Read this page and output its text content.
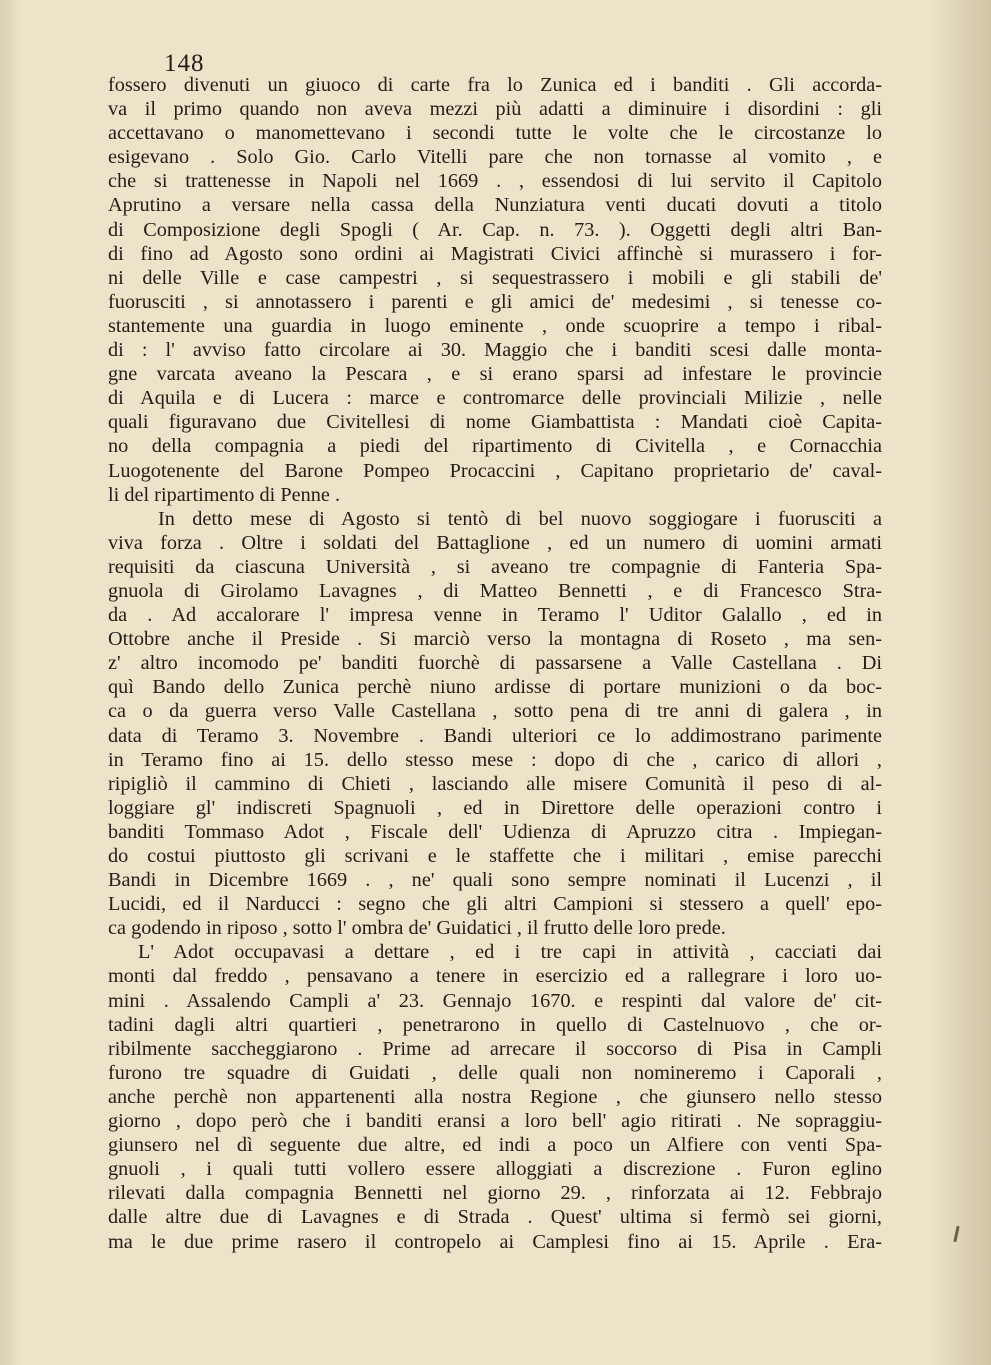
148
fossero divenuti un giuoco di carte fra lo Zunica ed i banditi . Gli accorda-
va il primo quando non aveva mezzi più adatti a diminuire i disordini : gli
accettavano o manomettevano i secondi tutte le volte che le circostanze lo
esigevano . Solo Gio. Carlo Vitelli pare che non tornasse al vomito , e
che si trattenesse in Napoli nel 1669 . , essendosi di lui servito il Capitolo
Aprutino a versare nella cassa della Nunziatura venti ducati dovuti a titolo
di Composizione degli Spogli ( Ar. Cap. n. 73. ). Oggetti degli altri Ban-
di fino ad Agosto sono ordini ai Magistrati Civici affinchè si murassero i for-
ni delle Ville e case campestri , si sequestrassero i mobili e gli stabili de'
fuorusciti , si annotassero i parenti e gli amici de' medesimi , si tenesse co-
stantemente una guardia in luogo eminente , onde scuoprire a tempo i ribal-
di : l' avviso fatto circolare ai 30. Maggio che i banditi scesi dalle monta-
gne varcata aveano la Pescara , e si erano sparsi ad infestare le provincie
di Aquila e di Lucera : marce e contromarce delle provinciali Milizie , nelle
quali figuravano due Civitellesi di nome Giambattista : Mandati cioè Capita-
no della compagnia a piedi del ripartimento di Civitella , e Cornacchia
Luogotenente del Barone Pompeo Procaccini , Capitano proprietario de' caval-
li del ripartimento di Penne .
In detto mese di Agosto si tentò di bel nuovo soggiogare i fuorusciti a
viva forza . Oltre i soldati del Battaglione , ed un numero di uomini armati
requisiti da ciascuna Università , si aveano tre compagnie di Fanteria Spa-
gnuola di Girolamo Lavagnes , di Matteo Bennetti , e di Francesco Stra-
da . Ad accalorare l' impresa venne in Teramo l' Uditor Galallo , ed in
Ottobre anche il Preside . Si marciò verso la montagna di Roseto , ma sen-
z' altro incomodo pe' banditi fuorchè di passarsene a Valle Castellana . Di
quì Bando dello Zunica perchè niuno ardisse di portare munizioni o da boc-
ca o da guerra verso Valle Castellana , sotto pena di tre anni di galera , in
data di Teramo 3. Novembre . Bandi ulteriori ce lo addimostrano parimente
in Teramo fino ai 15. dello stesso mese : dopo di che , carico di allori ,
ripigliò il cammino di Chieti , lasciando alle misere Comunità il peso di al-
loggiare gl' indiscreti Spagnuoli , ed in Direttore delle operazioni contro i
banditi Tommaso Adot , Fiscale dell' Udienza di Apruzzo citra . Impiegan-
do costui piuttosto gli scrivani e le staffette che i militari , emise parecchi
Bandi in Dicembre 1669 . , ne' quali sono sempre nominati il Lucenzi , il
Lucidi, ed il Narducci : segno che gli altri Campioni si stessero a quell' epo-
ca godendo in riposo , sotto l' ombra de' Guidatici , il frutto delle loro prede.
L' Adot occupavasi a dettare , ed i tre capi in attività , cacciati dai
monti dal freddo , pensavano a tenere in esercizio ed a rallegrare i loro uo-
mini . Assalendo Campli a' 23. Gennajo 1670. e respinti dal valore de' cit-
tadini dagli altri quartieri , penetrarono in quello di Castelnuovo , che or-
ribilmente saccheggiarono . Prime ad arrecare il soccorso di Pisa in Campli
furono tre squadre di Guidati , delle quali non nomineremo i Caporali ,
anche perchè non appartenenti alla nostra Regione , che giunsero nello stesso
giorno , dopo però che i banditi eransi a loro bell' agio ritirati . Ne sopraggiu-
giunsero nel dì seguente due altre, ed indi a poco un Alfiere con venti Spa-
gnuoli , i quali tutti vollero essere alloggiati a discrezione . Furon eglino
rilevati dalla compagnia Bennetti nel giorno 29. , rinforzata ai 12. Febbrajo
dalle altre due di Lavagnes e di Strada . Quest' ultima si fermò sei giorni,
ma le due prime rasero il contropelo ai Camplesi fino ai 15. Aprile . Era-
